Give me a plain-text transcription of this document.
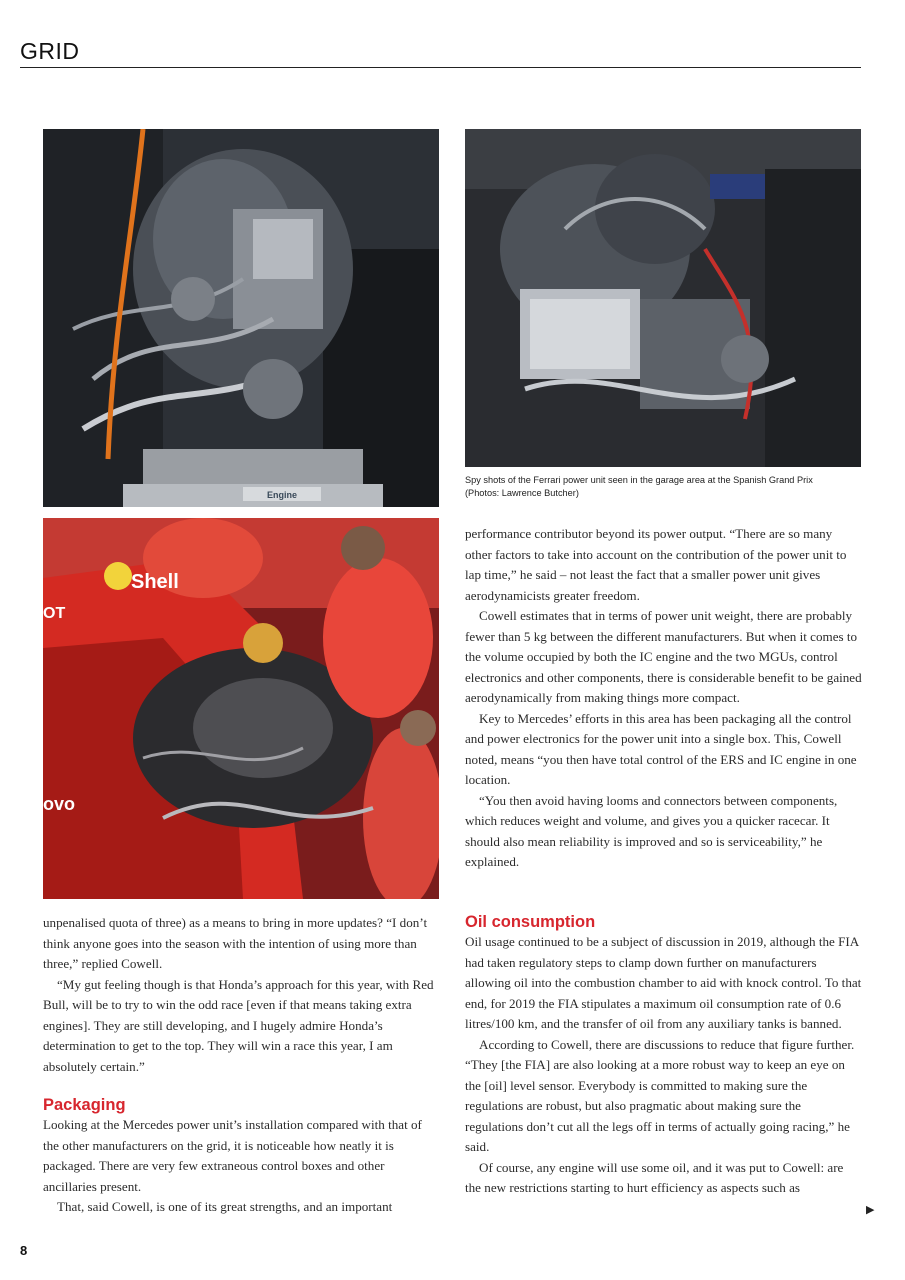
GRID
Engine
Spy shots of the Ferrari power unit seen in the garage area at the Spanish Grand Prix
(Photos: Lawrence Butcher)
Shell
OT
ovo

performance contributor beyond its power output. “There are so many other factors to take into account on the contribution of the power unit to lap time,” he said – not least the fact that a smaller power unit gives aerodynamicists greater freedom.

Cowell estimates that in terms of power unit weight, there are probably fewer than 5 kg between the different manufacturers. But when it comes to the volume occupied by both the IC engine and the two MGUs, control electronics and other components, there is considerable benefit to be gained aerodynamically from making things more compact.

Key to Mercedes’ efforts in this area has been packaging all the control and power electronics for the power unit into a single box. This, Cowell noted, means “you then have total control of the ERS and IC engine in one location.

“You then avoid having looms and connectors between components, which reduces weight and volume, and gives you a quicker racecar. It should also mean reliability is improved and so is serviceability,” he explained.

unpenalised quota of three) as a means to bring in more updates? “I don’t think anyone goes into the season with the intention of using more than three,” replied Cowell.

“My gut feeling though is that Honda’s approach for this year, with Red Bull, will be to try to win the odd race [even if that means taking extra engines]. They are still developing, and I hugely admire Honda’s determination to get to the top. They will win a race this year, I am absolutely certain.”

Packaging

Looking at the Mercedes power unit’s installation compared with that of the other manufacturers on the grid, it is noticeable how neatly it is packaged. There are very few extraneous control boxes and other ancillaries present.

That, said Cowell, is one of its great strengths, and an important

Oil consumption

Oil usage continued to be a subject of discussion in 2019, although the FIA had taken regulatory steps to clamp down further on manufacturers allowing oil into the combustion chamber to aid with knock control. To that end, for 2019 the FIA stipulates a maximum oil consumption rate of 0.6 litres/100 km, and the transfer of oil from any auxiliary tanks is banned.

According to Cowell, there are discussions to reduce that figure further. “They [the FIA] are also looking at a more robust way to keep an eye on the [oil] level sensor. Everybody is committed to making sure the regulations are robust, but also pragmatic about making sure the regulations don’t cut all the legs off in terms of actually going racing,” he said.

Of course, any engine will use some oil, and it was put to Cowell: are the new restrictions starting to hurt efficiency as aspects such as

▶
8
